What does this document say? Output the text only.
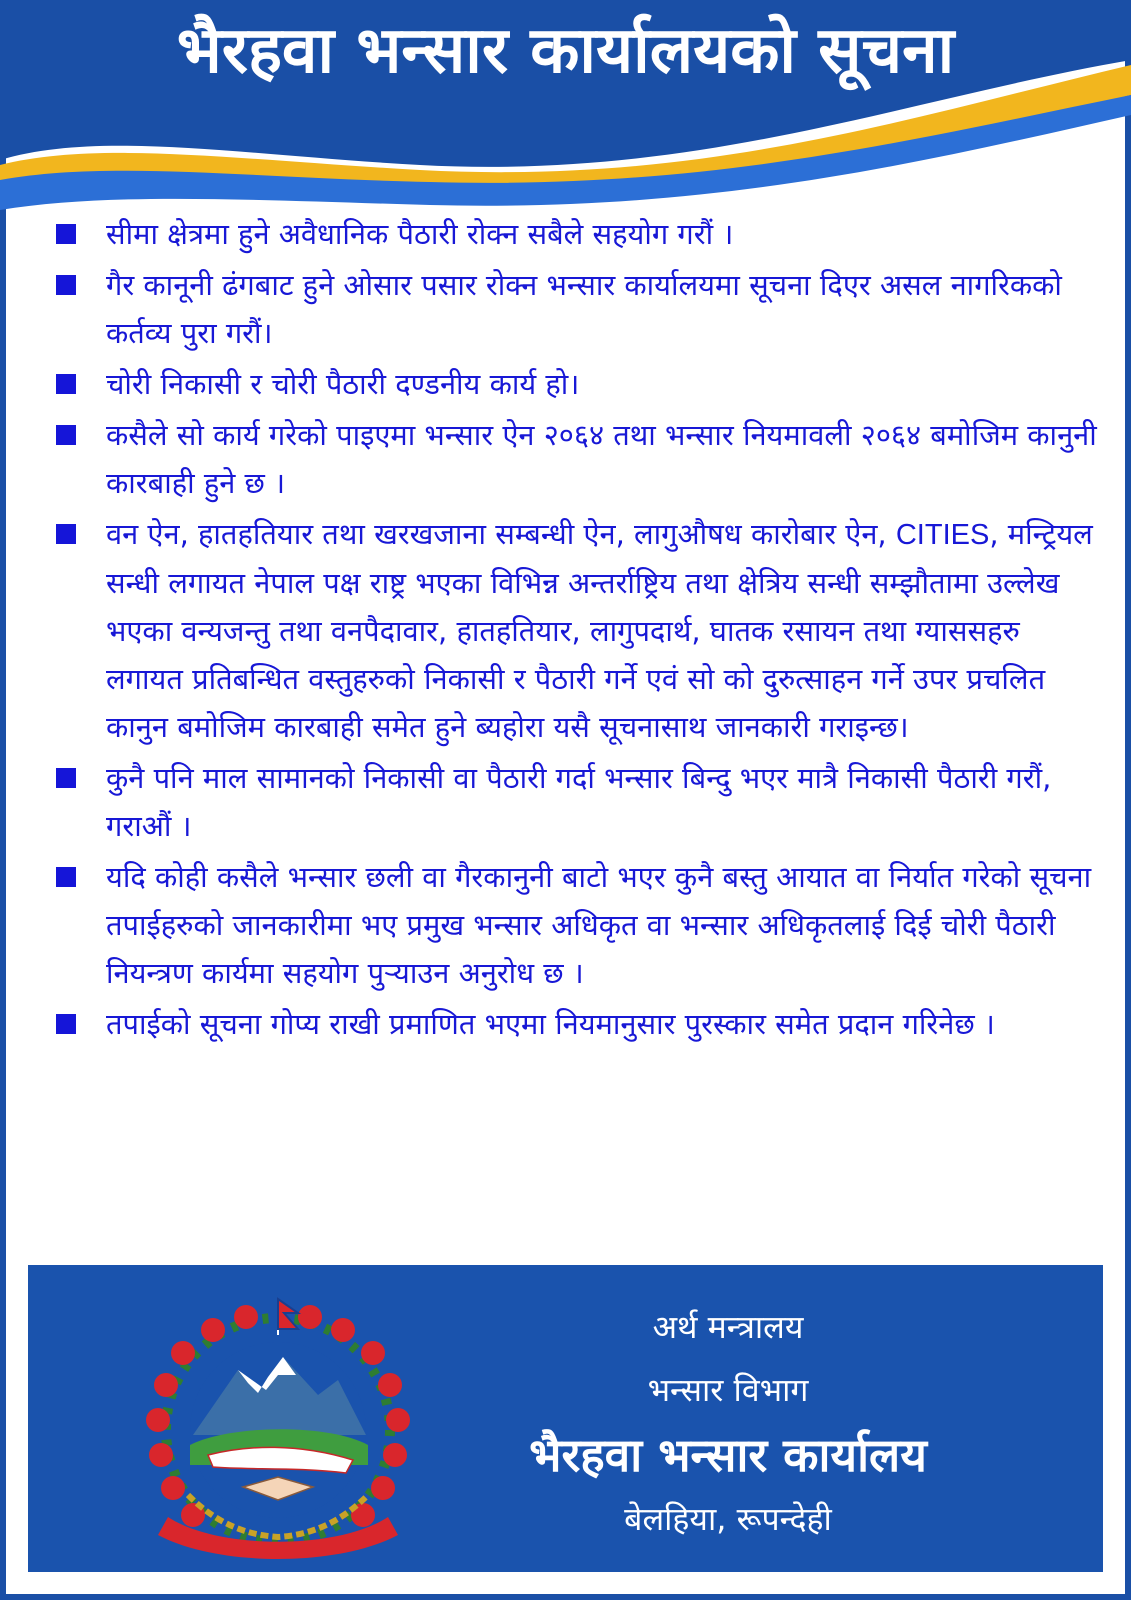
भैरहवा भन्सार कार्यालयको सूचना
सीमा क्षेत्रमा हुने अवैधानिक पैठारी रोक्न सबैले सहयोग गरौं ।
गैर कानूनी ढंगबाट हुने ओसार पसार रोक्न भन्सार कार्यालयमा सूचना दिएर असल नागरिकको कर्तव्य पुरा गरौं।
चोरी निकासी र चोरी पैठारी दण्डनीय कार्य हो।
कसैले सो कार्य गरेको पाइएमा भन्सार ऐन २०६४ तथा भन्सार नियमावली २०६४ बमोजिम कानुनी कारबाही हुने छ ।
वन ऐन, हातहतियार तथा खरखजाना सम्बन्धी ऐन, लागुऔषध कारोबार ऐन, CITIES, मन्ट्रियल सन्धी लगायत नेपाल पक्ष राष्ट्र भएका विभिन्न अन्तर्राष्ट्रिय तथा क्षेत्रिय सन्धी सम्झौतामा उल्लेख भएका वन्यजन्तु तथा वनपैदावार, हातहतियार, लागुपदार्थ, घातक रसायन तथा ग्याससहरु लगायत प्रतिबन्धित वस्तुहरुको निकासी र पैठारी गर्ने एवं सो को दुरुत्साहन गर्ने उपर प्रचलित कानुन बमोजिम कारबाही समेत हुने ब्यहोरा यसै सूचनासाथ जानकारी गराइन्छ।
कुनै पनि माल सामानको निकासी वा पैठारी गर्दा भन्सार बिन्दु भएर मात्रै निकासी पैठारी गरौं, गराऔं ।
यदि कोही कसैले भन्सार छली वा गैरकानुनी बाटो भएर कुनै बस्तु आयात वा निर्यात गरेको सूचना तपाईहरुको जानकारीमा भए प्रमुख भन्सार अधिकृत वा भन्सार अधिकृतलाई दिई चोरी पैठारी नियन्त्रण कार्यमा सहयोग पुर्‍याउन अनुरोध छ ।
तपाईको सूचना गोप्य राखी प्रमाणित भएमा नियमानुसार पुरस्कार समेत प्रदान गरिनेछ ।
अर्थ मन्त्रालय
भन्सार विभाग
भैरहवा भन्सार कार्यालय
बेलहिया, रूपन्देही
